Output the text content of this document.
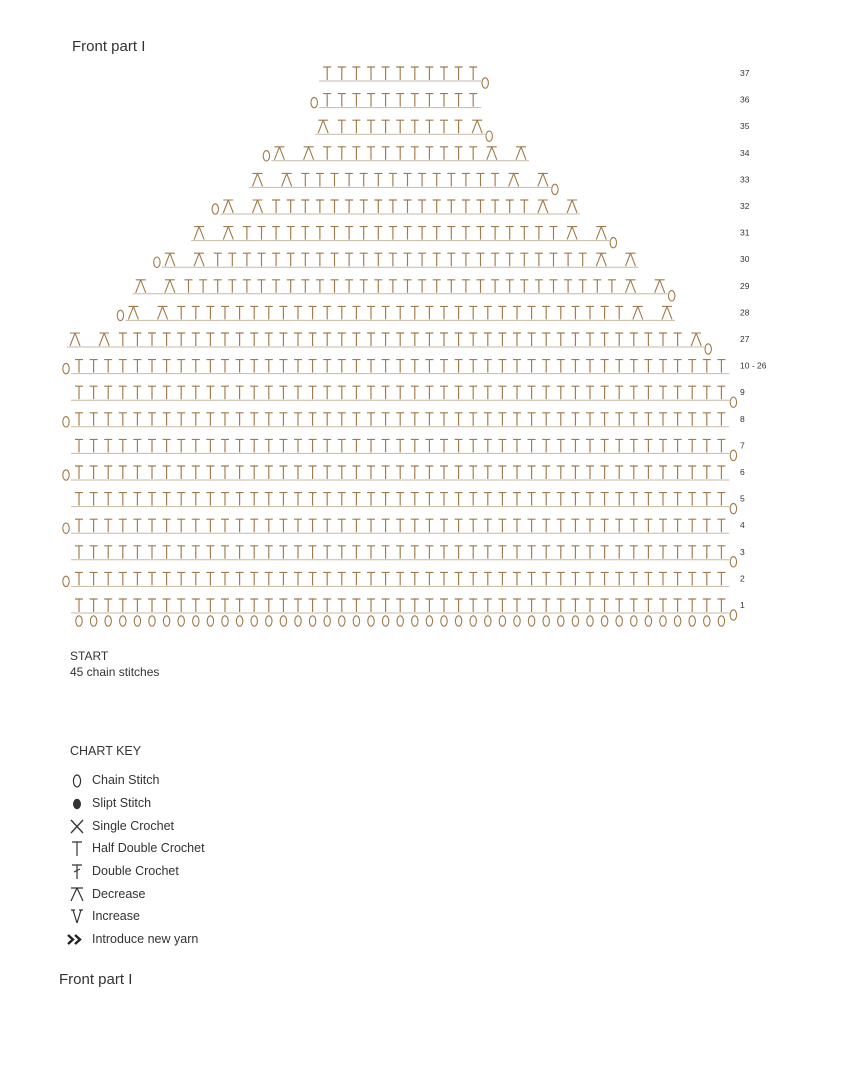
Front part I
1
2
3
4
5
6
7
8
9
10 - 26
27
28
29
30
31
32
33
34
35
36
37
START
45 chain stitches
CHART KEY
Chain Stitch
Slipt Stitch
Single Crochet
Half Double Crochet
Double Crochet
Decrease
Increase
Introduce new yarn
Front part I
